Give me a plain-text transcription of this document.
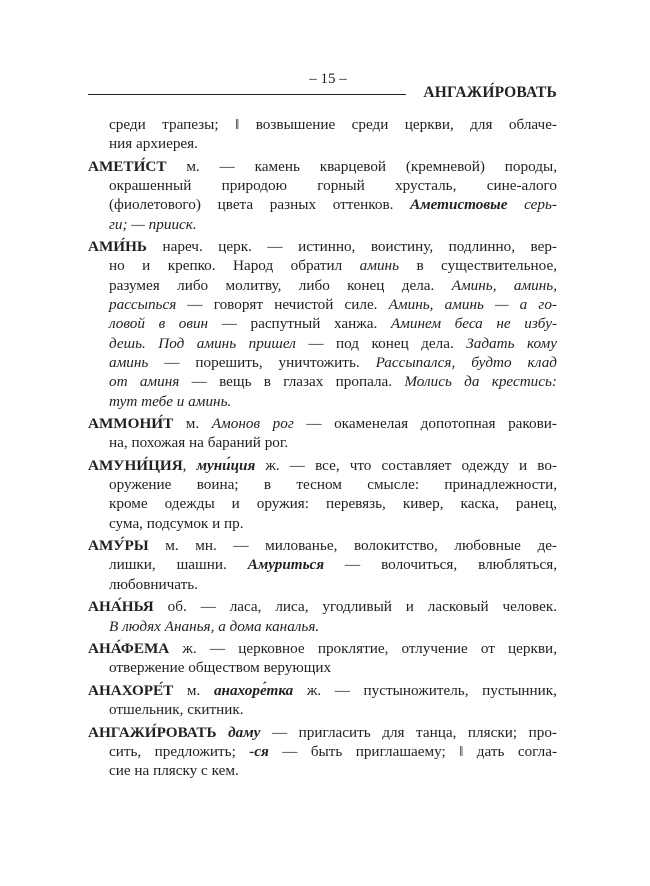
– 15 –
АНГАЖИ́РОВАТЬ
среди трапезы; ‖ возвышение среди церкви, для облаче-
ния архиерея.
АМЕТИ́СТ м. — камень кварцевой (кремневой) породы,
окрашенный природою горный хрусталь, сине-алого
(фиолетового) цвета разных оттенков. Аметистовые серь-
ги; — прииск.
АМИ́НЬ нареч. церк. — истинно, воистину, подлинно, вер-
но и крепко. Народ обратил аминь в существительное,
разумея либо молитву, либо конец дела. Аминь, аминь,
рассыпься — говорят нечистой силе. Аминь, аминь — а го-
ловой в овин — распутный ханжа. Аминем беса не избу-
дешь. Под аминь пришел — под конец дела. Задать кому
аминь — порешить, уничтожить. Рассыпался, будто клад
от аминя — вещь в глазах пропала. Молись да крестись:
тут тебе и аминь.
АММОНИ́Т м. Амонов рог — окаменелая допотопная ракови-
на, похожая на бараний рог.
АМУНИ́ЦИЯ, муни́ция ж. — все, что составляет одежду и во-
оружение воина; в тесном смысле: принадлежности,
кроме одежды и оружия: перевязь, кивер, каска, ранец,
сума, подсумок и пр.
АМУ́РЫ м. мн. — милованье, волокитство, любовные де-
лишки, шашни. Амуриться — волочиться, влюбляться,
любовничать.
АНА́НЬЯ об. — ласа, лиса, угодливый и ласковый человек.
В людях Ананья, а дома каналья.
АНА́ФЕМА ж. — церковное проклятие, отлучение от церкви,
отвержение обществом верующих
АНАХОРЕ́Т м. анахоре́тка ж. — пустыножитель, пустынник,
отшельник, скитник.
АНГАЖИ́РОВАТЬ даму — пригласить для танца, пляски; про-
сить, предложить; -ся — быть приглашаему; ‖ дать согла-
сие на пляску с кем.
